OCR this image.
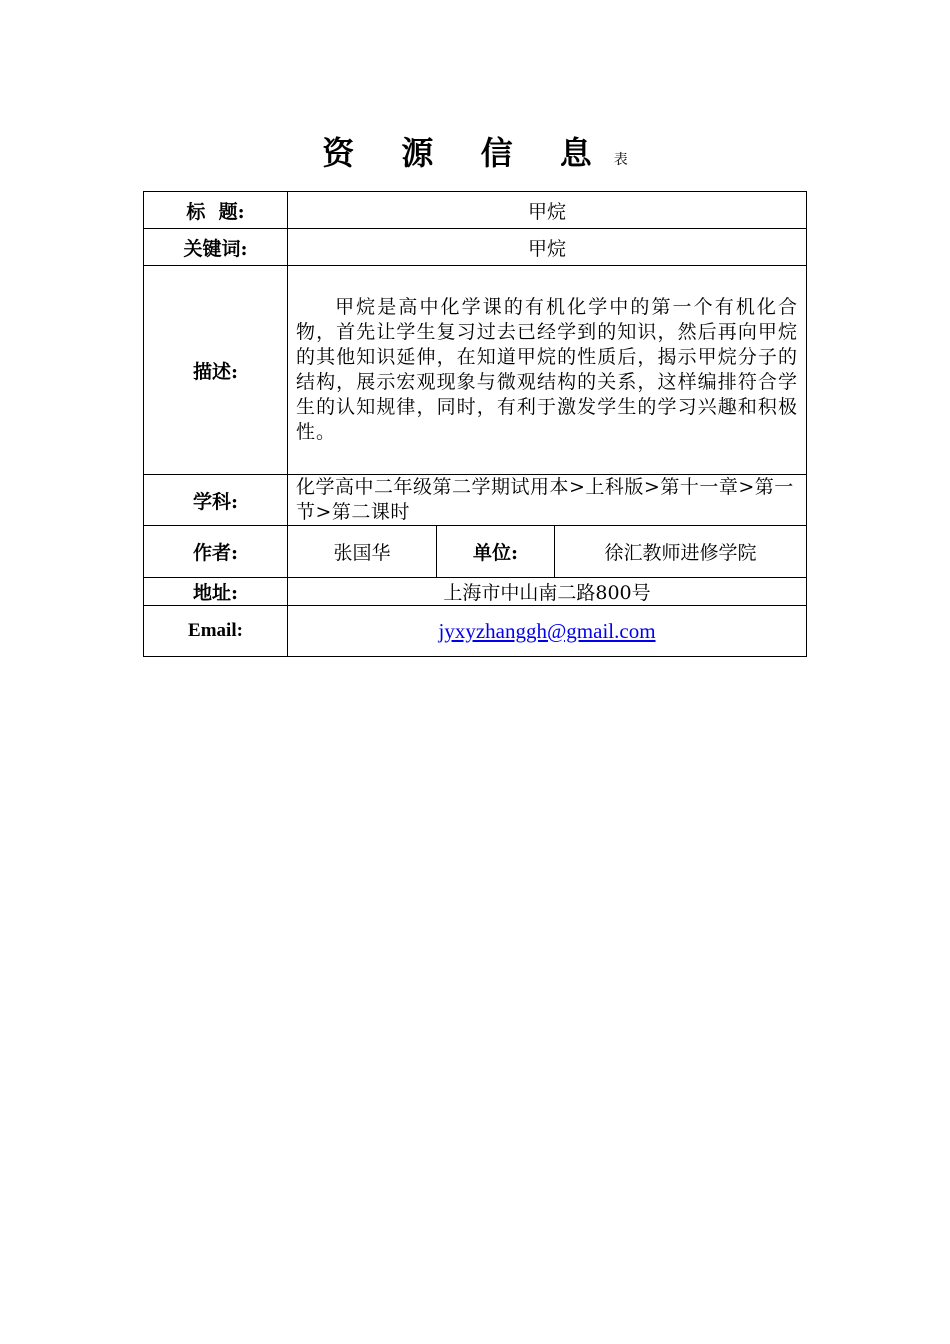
资 源 信 息 表
标  题:	甲烷		
关键词:	甲烷		
描述:	甲烷是高中化学课的有机化学中的第一个有机化合物，首先让学生复习过去已经学到的知识，然后再向甲烷的其他知识延伸，在知道甲烷的性质后，揭示甲烷分子的结构，展示宏观现象与微观结构的关系，这样编排符合学生的认知规律，同时，有利于激发学生的学习兴趣和积极性。		
学科:	化学高中二年级第二学期试用本>上科版>第十一章>第一节>第二课时		
作者:	张国华	单位:	徐汇教师进修学院
地址:	上海市中山南二路800号		
Email:	jyxyzhanggh@gmail.com		
